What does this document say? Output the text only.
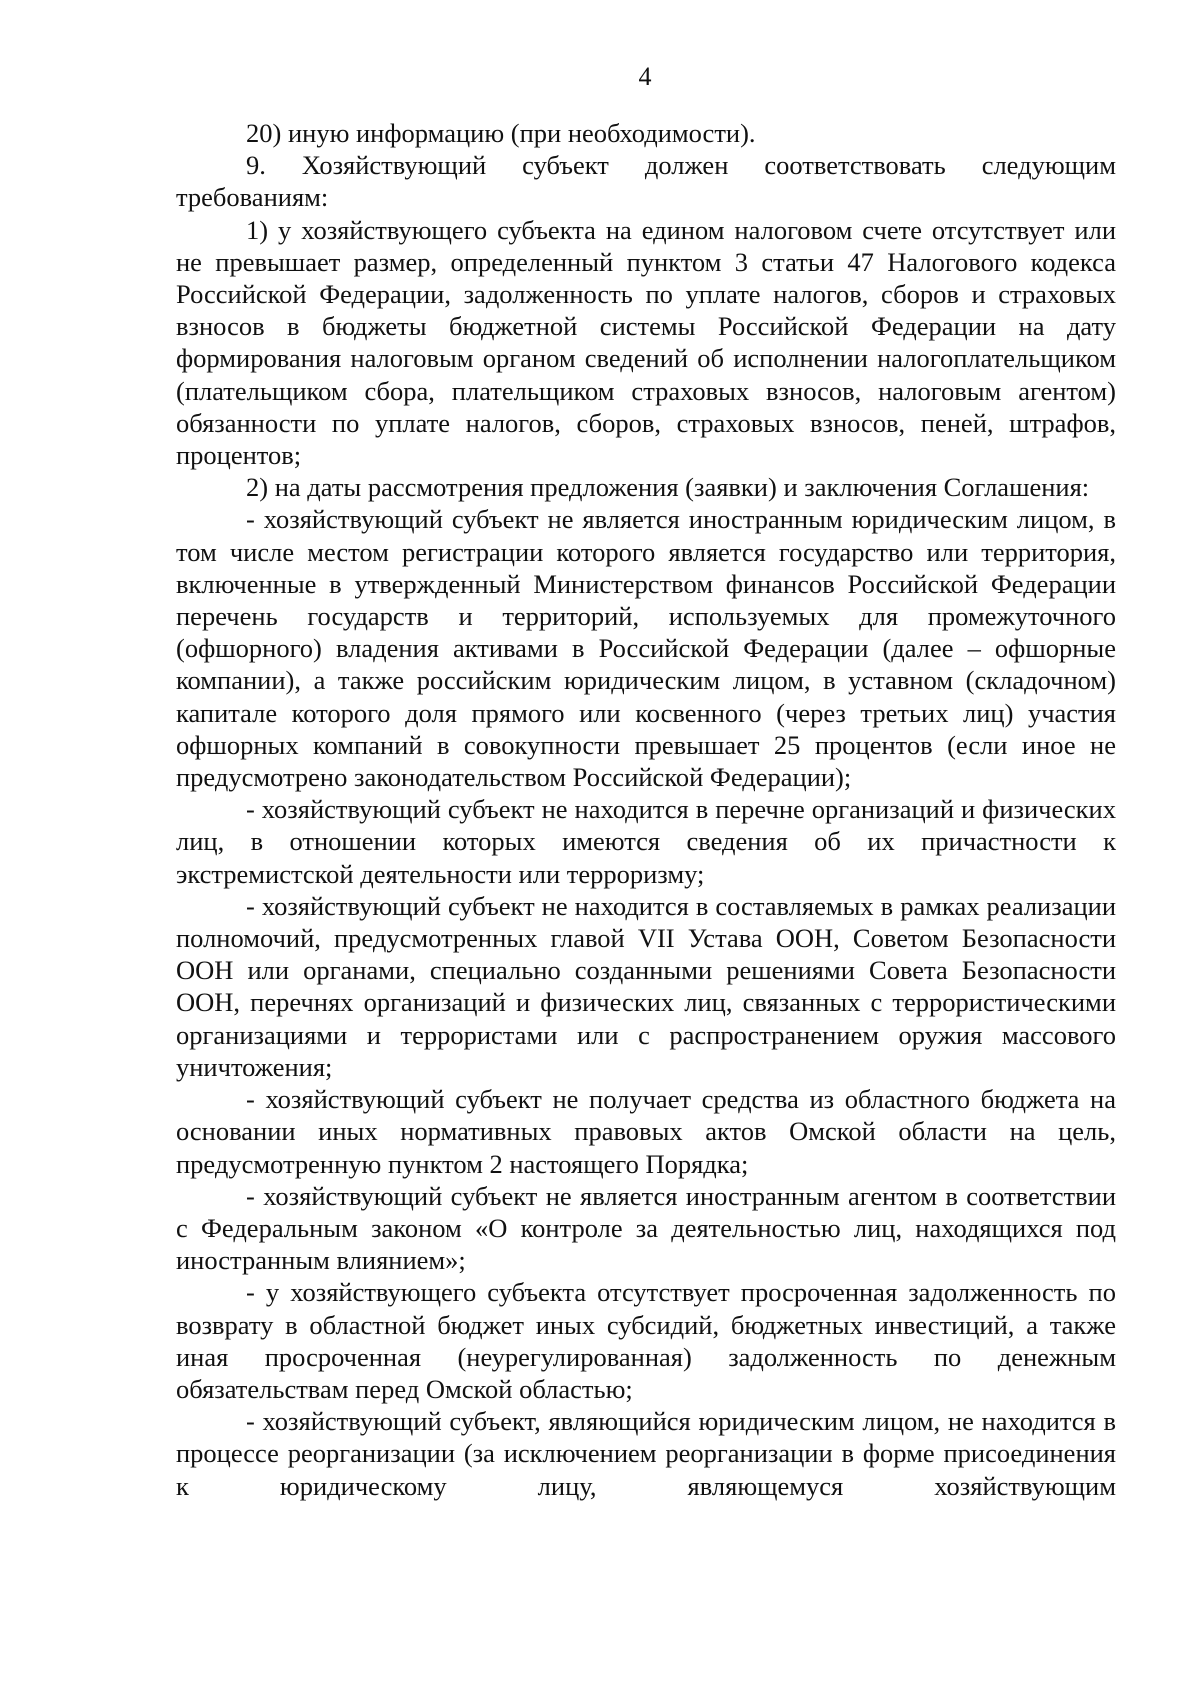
4

20) иную информацию (при необходимости).

9. Хозяйствующий субъект должен соответствовать следующим требованиям:

1) у хозяйствующего субъекта на едином налоговом счете отсутствует или не превышает размер, определенный пунктом 3 статьи 47 Налогового кодекса Российской Федерации, задолженность по уплате налогов, сборов и страховых взносов в бюджеты бюджетной системы Российской Федерации на дату формирования налоговым органом сведений об исполнении налогоплательщиком (плательщиком сбора, плательщиком страховых взносов, налоговым агентом) обязанности по уплате налогов, сборов, страховых взносов, пеней, штрафов, процентов;

2) на даты рассмотрения предложения (заявки) и заключения Соглашения:

- хозяйствующий субъект не является иностранным юридическим лицом, в том числе местом регистрации которого является государство или территория, включенные в утвержденный Министерством финансов Российской Федерации перечень государств и территорий, используемых для промежуточного (офшорного) владения активами в Российской Федерации (далее – офшорные компании), а также российским юридическим лицом, в уставном (складочном) капитале которого доля прямого или косвенного (через третьих лиц) участия офшорных компаний в совокупности превышает 25 процентов (если иное не предусмотрено законодательством Российской Федерации);

- хозяйствующий субъект не находится в перечне организаций и физических лиц, в отношении которых имеются сведения об их причастности к экстремистской деятельности или терроризму;

- хозяйствующий субъект не находится в составляемых в рамках реализации полномочий, предусмотренных главой VII Устава ООН, Советом Безопасности ООН или органами, специально созданными решениями Совета Безопасности ООН, перечнях организаций и физических лиц, связанных с террористическими организациями и террористами или с распространением оружия массового уничтожения;

- хозяйствующий субъект не получает средства из областного бюджета на основании иных нормативных правовых актов Омской области на цель, предусмотренную пунктом 2 настоящего Порядка;

- хозяйствующий субъект не является иностранным агентом в соответствии с Федеральным законом «О контроле за деятельностью лиц, находящихся под иностранным влиянием»;

- у хозяйствующего субъекта отсутствует просроченная задолженность по возврату в областной бюджет иных субсидий, бюджетных инвестиций, а также иная просроченная (неурегулированная) задолженность по денежным обязательствам перед Омской областью;

- хозяйствующий субъект, являющийся юридическим лицом, не находится в процессе реорганизации (за исключением реорганизации в форме присоединения к юридическому лицу, являющемуся хозяйствующим
